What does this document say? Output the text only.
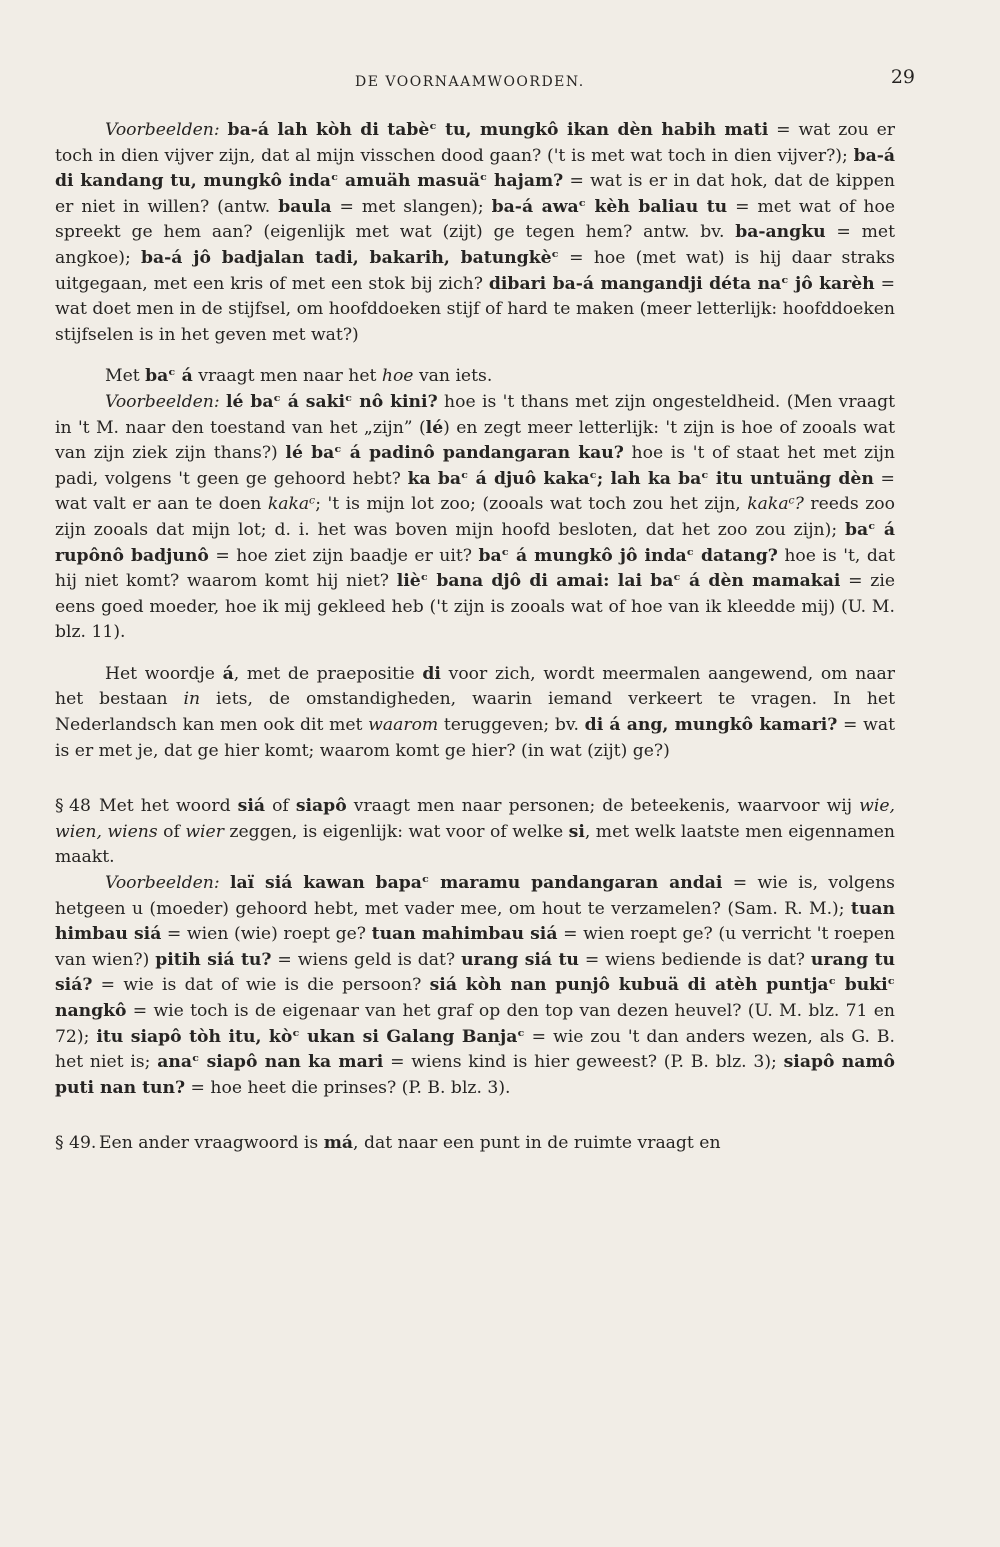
DE VOORNAAMWOORDEN.	29

Voorbeelden: ba-á lah kòh di tabèᶜ tu, mungkô ikan dèn habih mati = wat zou er toch in dien vijver zijn, dat al mijn visschen dood gaan? ('t is met wat toch in dien vijver?); ba-á di kandang tu, mungkô indaᶜ amuäh masuäᶜ hajam? = wat is er in dat hok, dat de kippen er niet in willen? (antw. baula = met slangen); ba-á awaᶜ kèh baliau tu = met wat of hoe spreekt ge hem aan? (eigenlijk met wat (zijt) ge tegen hem? antw. bv. ba-angku = met angkoe); ba-á jô badjalan tadi, bakarih, batungkèᶜ = hoe (met wat) is hij daar straks uitgegaan, met een kris of met een stok bij zich? dibari ba-á mangandji déta naᶜ jô karèh = wat doet men in de stijfsel, om hoofddoeken stijf of hard te maken (meer letterlijk: hoofddoeken stijfselen is in het geven met wat?)

Met baᶜ á vraagt men naar het hoe van iets.

Voorbeelden: lé baᶜ á sakiᶜ nô kini? hoe is 't thans met zijn ongesteldheid. (Men vraagt in 't M. naar den toestand van het „zijn” (lé) en zegt meer letterlijk: 't zijn is hoe of zooals wat van zijn ziek zijn thans?) lé baᶜ á padinô pandangaran kau? hoe is 't of staat het met zijn padi, volgens 't geen ge gehoord hebt? ka baᶜ á djuô kakaᶜ; lah ka baᶜ itu untuäng dèn = wat valt er aan te doen kakaᶜ; 't is mijn lot zoo; (zooals wat toch zou het zijn, kakaᶜ? reeds zoo zijn zooals dat mijn lot; d. i. het was boven mijn hoofd besloten, dat het zoo zou zijn); baᶜ á rupônô badjunô = hoe ziet zijn baadje er uit? baᶜ á mungkô jô indaᶜ datang? hoe is 't, dat hij niet komt? waarom komt hij niet? lièᶜ bana djô di amai: lai baᶜ á dèn mamakai = zie eens goed moeder, hoe ik mij gekleed heb ('t zijn is zooals wat of hoe van ik kleedde mij) (U. M. blz. 11).

Het woordje á, met de praepositie di voor zich, wordt meermalen aangewend, om naar het bestaan in iets, de omstandigheden, waarin iemand verkeert te vragen. In het Nederlandsch kan men ook dit met waarom teruggeven; bv. di á ang, mungkô kamari? = wat is er met je, dat ge hier komt; waarom komt ge hier? (in wat (zijt) ge?)

§ 48 Met het woord siá of siapô vraagt men naar personen; de beteekenis, waarvoor wij wie, wien, wiens of wier zeggen, is eigenlijk: wat voor of welke si, met welk laatste men eigennamen maakt.

Voorbeelden: laï siá kawan bapaᶜ maramu pandangaran andai = wie is, volgens hetgeen u (moeder) gehoord hebt, met vader mee, om hout te verzamelen? (Sam. R. M.); tuan himbau siá = wien (wie) roept ge? tuan mahimbau siá = wien roept ge? (u verricht 't roepen van wien?) pitih siá tu? = wiens geld is dat? urang siá tu = wiens bediende is dat? urang tu siá? = wie is dat of wie is die persoon? siá kòh nan punjô kubuä di atèh puntjaᶜ bukiᶜ nangkô = wie toch is de eigenaar van het graf op den top van dezen heuvel? (U. M. blz. 71 en 72); itu siapô tòh itu, kòᶜ ukan si Galang Banjaᶜ = wie zou 't dan anders wezen, als G. B. het niet is; anaᶜ siapô nan ka mari = wiens kind is hier geweest? (P. B. blz. 3); siapô namô puti nan tun? = hoe heet die prinses? (P. B. blz. 3).

§ 49. Een ander vraagwoord is má, dat naar een punt in de ruimte vraagt en
